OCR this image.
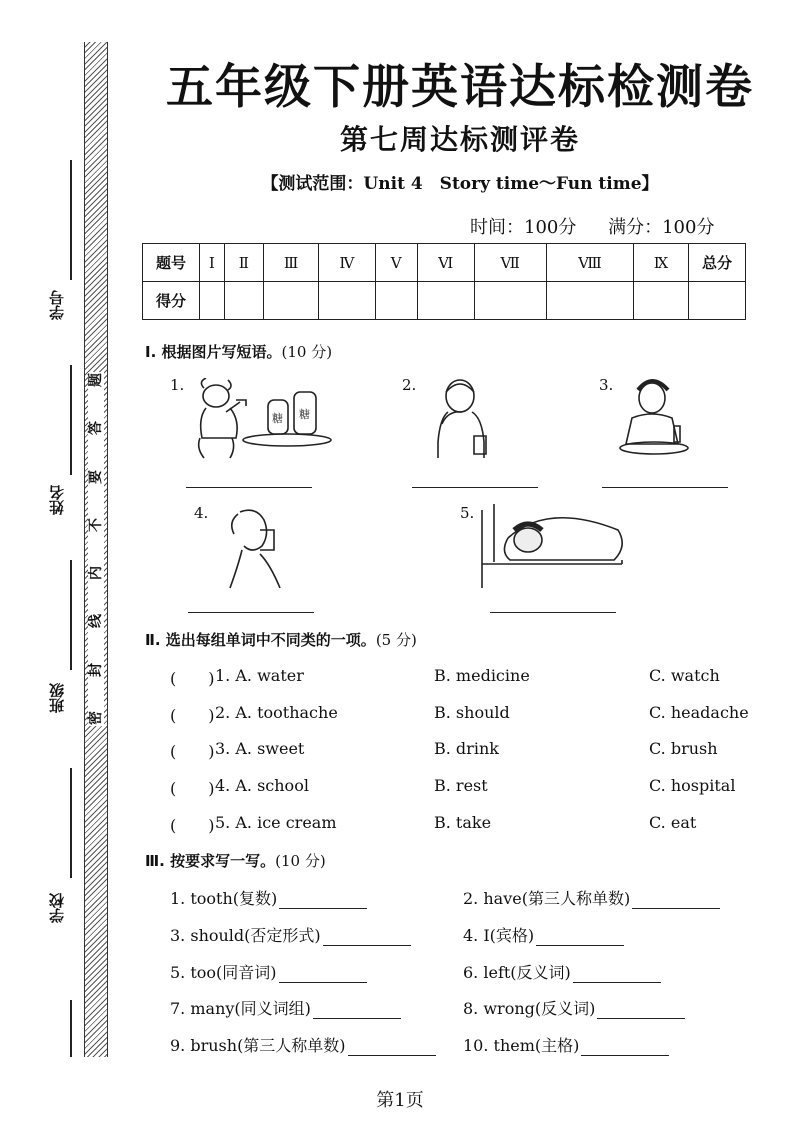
学号
姓名
班级
学校
题
答
要
不
内
线
封
密
五年级下册英语达标检测卷
第七周达标测评卷
【测试范围：Unit 4　Story time～Fun time】
时间：100分 满分：100分
题号	Ⅰ	Ⅱ	Ⅲ	Ⅳ	Ⅴ	Ⅵ	Ⅶ	Ⅷ	Ⅸ	总分
得分										
Ⅰ. 根据图片写短语。(10 分)
1.
糖 糖
2.	3.
4.	5.
Ⅱ. 选出每组单词中不同类的一项。(5 分)
(　　) 1. A. water	B. medicine	C. watch
(　　) 2. A. toothache	B. should	C. headache
(　　) 3. A. sweet	B. drink	C. brush
(　　) 4. A. school	B. rest	C. hospital
(　　) 5. A. ice cream	B. take	C. eat
Ⅲ. 按要求写一写。(10 分)
1. tooth(复数)	2. have(第三人称单数)
3. should(否定形式)	4. I(宾格)
5. too(同音词)	6. left(反义词)
7. many(同义词组)	8. wrong(反义词)
9. brush(第三人称单数)	10. them(主格)
第1页
